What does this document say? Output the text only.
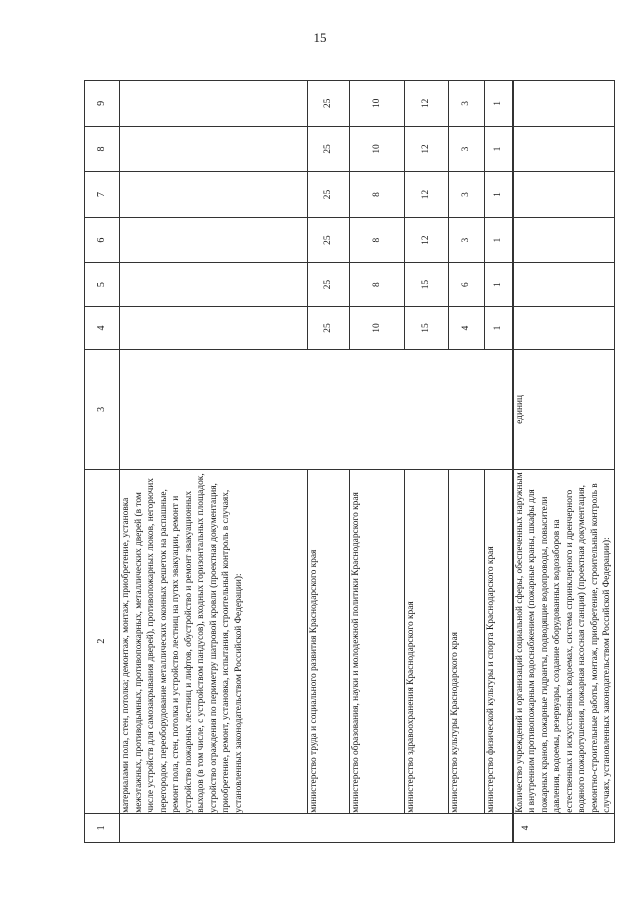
15
1	2	3	4	5	6	7	8	9
	материалами пола, стен, потолка; демонтаж, монтаж, приобретение, установка межэтажных, противодымных, противопожарных, металлических дверей (в том числе устройств для самозакрывания дверей), противопожарных люков, негорючих перегородок, переоборудование металлических оконных решеток на распашные, ремонт пола, стен, потолка и устройство лестниц на путях эвакуации, ремонт и устройство пожарных лестниц и лифтов, обустройство и ремонт эвакуационных выходов (в том числе, с устройством пандусов), входных горизонтальных площадок, устройство ограждения по периметру шатровой кровли (проектная документация, приобретение, ремонт, установка, испытания, строительный контроль в случаях, установленных законодательством Российской Федерации):							
	министерство труда и социального развития Краснодарского края		25	25	25	25	25	25
	министерство образования, науки и молодежной политики Краснодарского края		10	8	8	8	10	10
	министерство здравоохранения Краснодарского края		15	15	12	12	12	12
	министерство культуры Краснодарского края		4	6	3	3	3	3
	министерство физической культуры и спорта Краснодарского края		1	1	1	1	1	1
4	Количество учреждений и организаций социальной сферы, обеспеченных наружным и внутренним противопожарным водоснабжением (пожарные краны, шкафы для пожарных кранов, пожарные гидранты, подводящие водопроводы, повысители давления, водоемы, резервуары, создание оборудованных водозаборов на естественных и искусственных водоемах, система спринклерного и дренчерного водяного пожаротушения, пожарная насосная станция) (проектная документация, ремонтно-строительные работы, монтаж, приобретение, строительный контроль в случаях, установленных законодательством Российской Федерации):	единиц						
